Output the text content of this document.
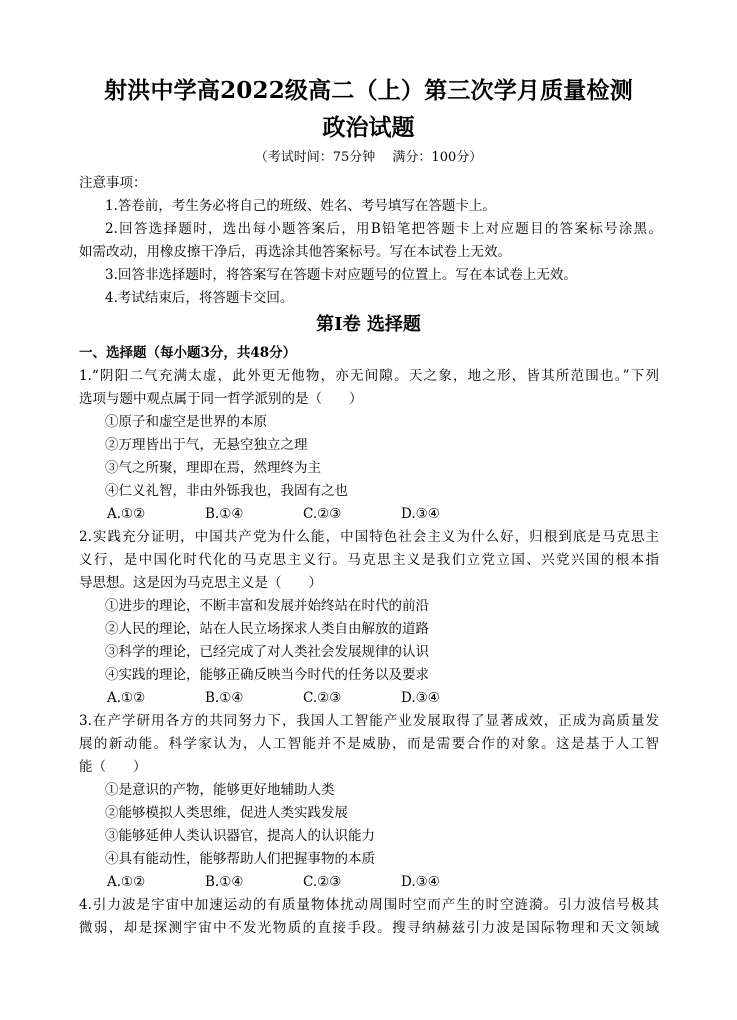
射洪中学高2022级高二（上）第三次学月质量检测
政治试题
（考试时间：75分钟　 满分：100分）
注意事项：
1.答卷前，考生务必将自己的班级、姓名、考号填写在答题卡上。
2.回答选择题时，选出每小题答案后，用B铅笔把答题卡上对应题目的答案标号涂黑。
如需改动，用橡皮擦干净后，再选涂其他答案标号。写在本试卷上无效。
3.回答非选择题时，将答案写在答题卡对应题号的位置上。写在本试卷上无效。
4.考试结束后，将答题卡交回。
第Ⅰ卷 选择题
一、选择题（每小题3分，共48分）
1.“阴阳二气充满太虚，此外更无他物，亦无间隙。天之象，地之形，皆其所范围也。”下列
选项与题中观点属于同一哲学派别的是（　　）
①原子和虚空是世界的本原
②万理皆出于气，无悬空独立之理
③气之所聚，理即在焉，然理终为主
④仁义礼智，非由外铄我也，我固有之也
A.①②	B.①④	C.②③	D.③④
2.实践充分证明，中国共产党为什么能，中国特色社会主义为什么好，归根到底是马克思主
义行，是中国化时代化的马克思主义行。马克思主义是我们立党立国、兴党兴国的根本指
导思想。这是因为马克思主义是（　　）
①进步的理论，不断丰富和发展并始终站在时代的前沿
②人民的理论，站在人民立场探求人类自由解放的道路
③科学的理论，已经完成了对人类社会发展规律的认识
④实践的理论，能够正确反映当今时代的任务以及要求
A.①②	B.①④	C.②③	D.③④
3.在产学研用各方的共同努力下，我国人工智能产业发展取得了显著成效，正成为高质量发
展的新动能。科学家认为，人工智能并不是威胁，而是需要合作的对象。这是基于人工智
能（　　）
①是意识的产物，能够更好地辅助人类
②能够模拟人类思维，促进人类实践发展
③能够延伸人类认识器官，提高人的认识能力
④具有能动性，能够帮助人们把握事物的本质
A.①②	B.①④	C.②③	D.③④
4.引力波是宇宙中加速运动的有质量物体扰动周围时空而产生的时空涟漪。引力波信号极其
微弱，却是探测宇宙中不发光物质的直接手段。搜寻纳赫兹引力波是国际物理和天文领域
